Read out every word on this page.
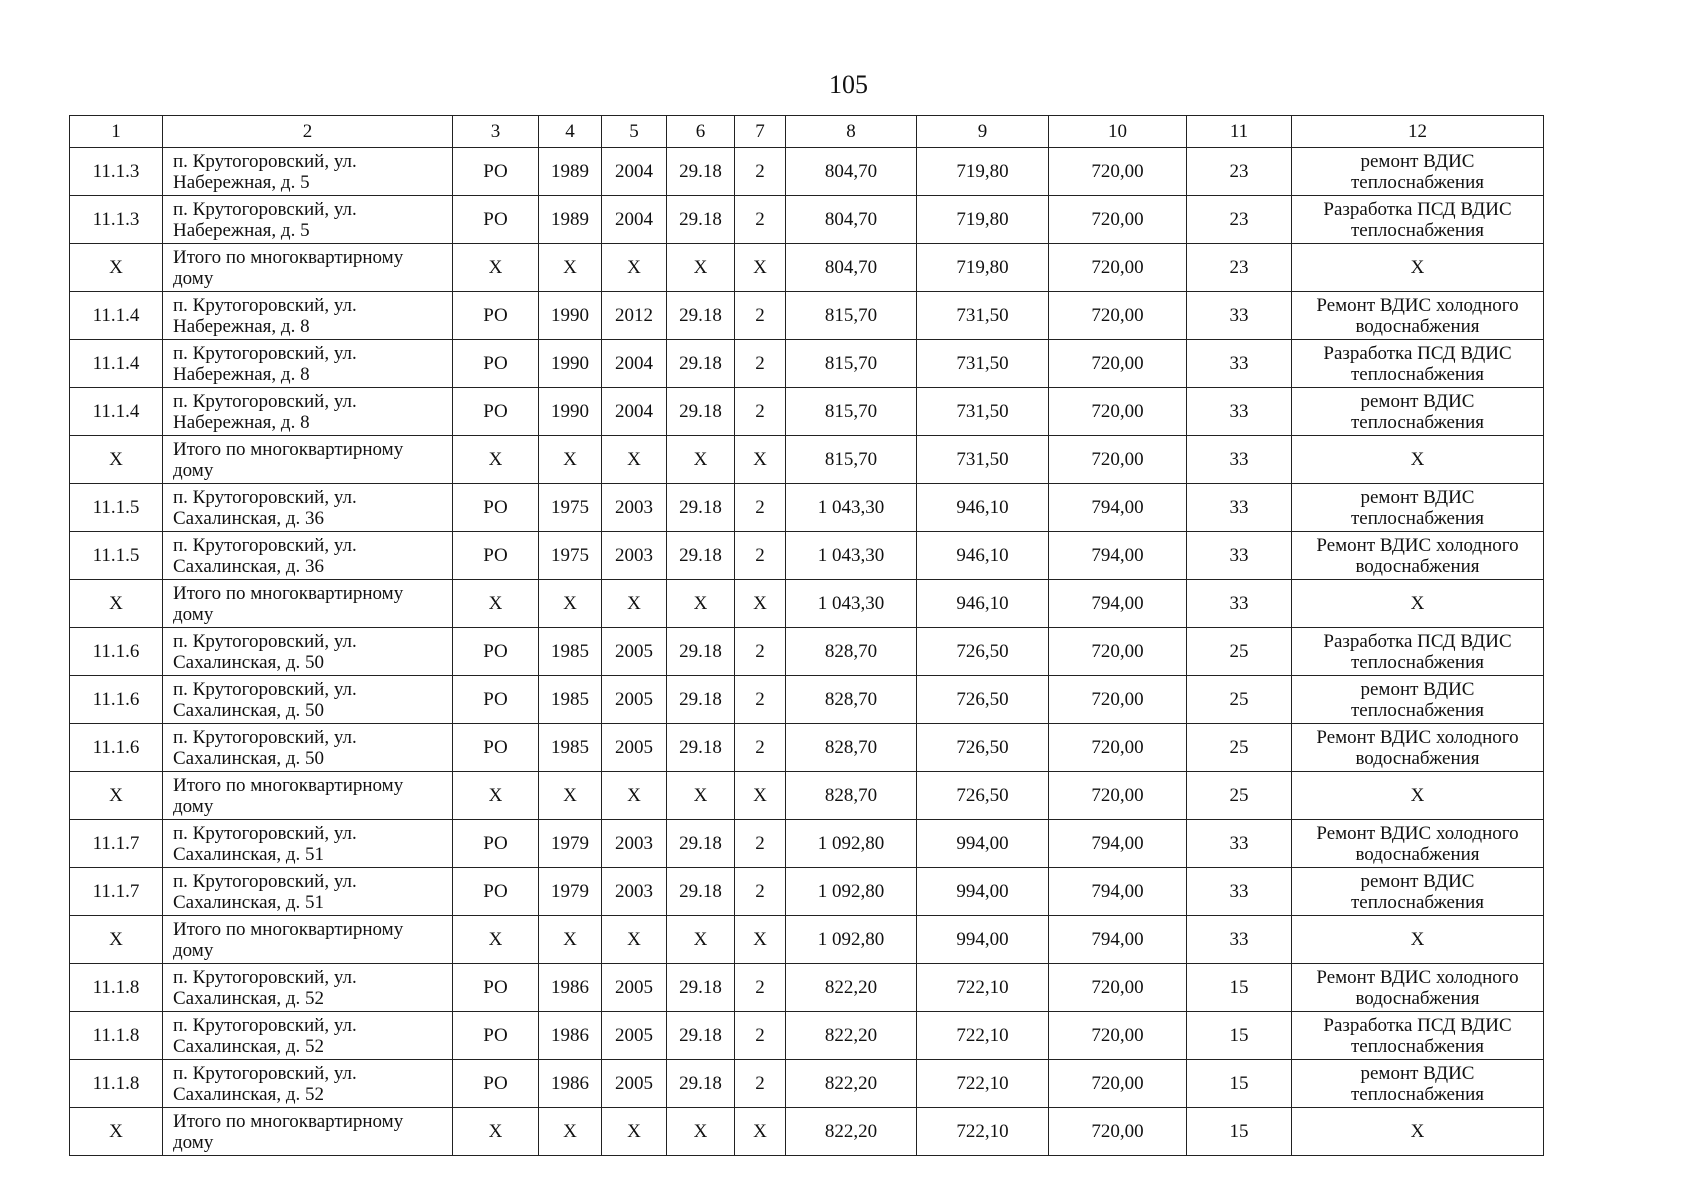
105
1	2	3	4	5	6	7	8	9	10	11	12
11.1.3	п. Крутогоровский, ул. Набережная, д. 5	РО	1989	2004	29.18	2	804,70	719,80	720,00	23	ремонт ВДИС теплоснабжения
11.1.3	п. Крутогоровский, ул. Набережная, д. 5	РО	1989	2004	29.18	2	804,70	719,80	720,00	23	Разработка ПСД ВДИС теплоснабжения
Х	Итого по многоквартирному дому	Х	Х	Х	Х	Х	804,70	719,80	720,00	23	Х
11.1.4	п. Крутогоровский, ул. Набережная, д. 8	РО	1990	2012	29.18	2	815,70	731,50	720,00	33	Ремонт ВДИС холодного водоснабжения
11.1.4	п. Крутогоровский, ул. Набережная, д. 8	РО	1990	2004	29.18	2	815,70	731,50	720,00	33	Разработка ПСД ВДИС теплоснабжения
11.1.4	п. Крутогоровский, ул. Набережная, д. 8	РО	1990	2004	29.18	2	815,70	731,50	720,00	33	ремонт ВДИС теплоснабжения
Х	Итого по многоквартирному дому	Х	Х	Х	Х	Х	815,70	731,50	720,00	33	Х
11.1.5	п. Крутогоровский, ул. Сахалинская, д. 36	РО	1975	2003	29.18	2	1 043,30	946,10	794,00	33	ремонт ВДИС теплоснабжения
11.1.5	п. Крутогоровский, ул. Сахалинская, д. 36	РО	1975	2003	29.18	2	1 043,30	946,10	794,00	33	Ремонт ВДИС холодного водоснабжения
Х	Итого по многоквартирному дому	Х	Х	Х	Х	Х	1 043,30	946,10	794,00	33	Х
11.1.6	п. Крутогоровский, ул. Сахалинская, д. 50	РО	1985	2005	29.18	2	828,70	726,50	720,00	25	Разработка ПСД ВДИС теплоснабжения
11.1.6	п. Крутогоровский, ул. Сахалинская, д. 50	РО	1985	2005	29.18	2	828,70	726,50	720,00	25	ремонт ВДИС теплоснабжения
11.1.6	п. Крутогоровский, ул. Сахалинская, д. 50	РО	1985	2005	29.18	2	828,70	726,50	720,00	25	Ремонт ВДИС холодного водоснабжения
Х	Итого по многоквартирному дому	Х	Х	Х	Х	Х	828,70	726,50	720,00	25	Х
11.1.7	п. Крутогоровский, ул. Сахалинская, д. 51	РО	1979	2003	29.18	2	1 092,80	994,00	794,00	33	Ремонт ВДИС холодного водоснабжения
11.1.7	п. Крутогоровский, ул. Сахалинская, д. 51	РО	1979	2003	29.18	2	1 092,80	994,00	794,00	33	ремонт ВДИС теплоснабжения
Х	Итого по многоквартирному дому	Х	Х	Х	Х	Х	1 092,80	994,00	794,00	33	Х
11.1.8	п. Крутогоровский, ул. Сахалинская, д. 52	РО	1986	2005	29.18	2	822,20	722,10	720,00	15	Ремонт ВДИС холодного водоснабжения
11.1.8	п. Крутогоровский, ул. Сахалинская, д. 52	РО	1986	2005	29.18	2	822,20	722,10	720,00	15	Разработка ПСД ВДИС теплоснабжения
11.1.8	п. Крутогоровский, ул. Сахалинская, д. 52	РО	1986	2005	29.18	2	822,20	722,10	720,00	15	ремонт ВДИС теплоснабжения
Х	Итого по многоквартирному дому	Х	Х	Х	Х	Х	822,20	722,10	720,00	15	Х
